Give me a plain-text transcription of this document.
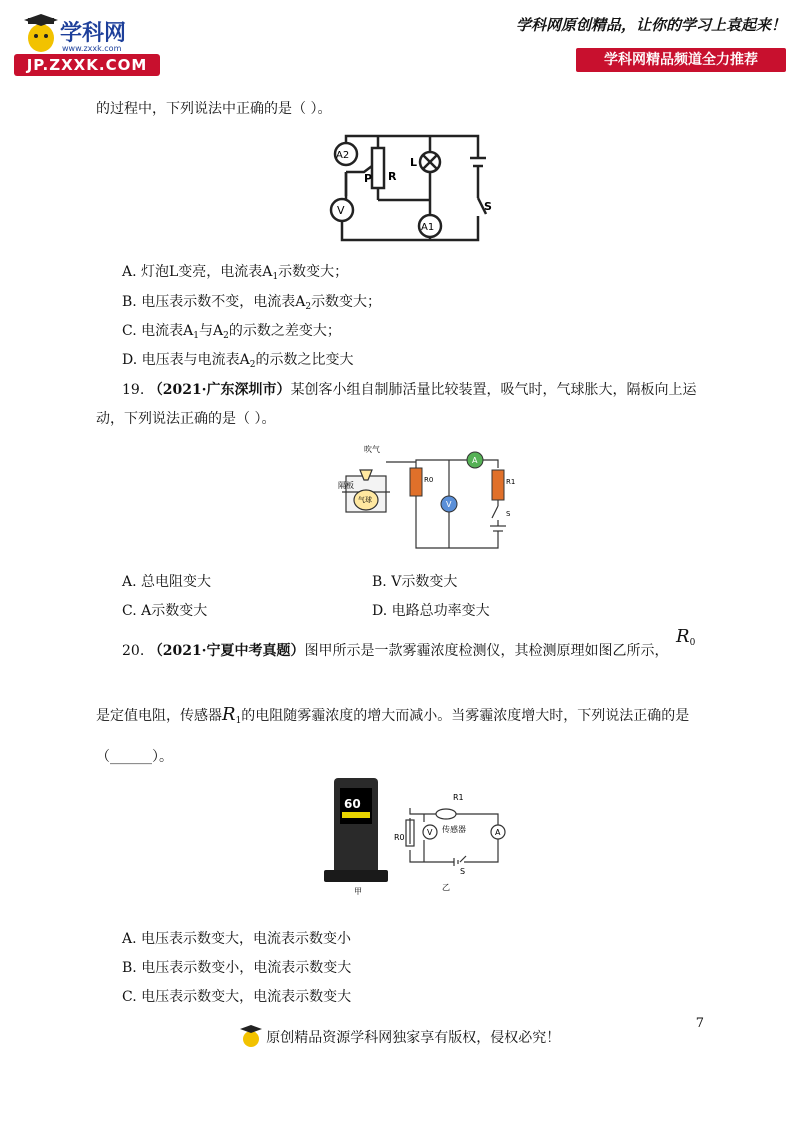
学科网
www.zxxk.com
JP.ZXXK.COM
学科网原创精品，让你的学习上袁起来！
学科网精品频道全力推荐
的过程中，下列说法中正确的是（ ）。
A2
V
P R
L
A1
S
A. 灯泡L变亮，电流表$A_1$示数变大；
B. 电压表示数不变，电流表$A_2$示数变大；
C. 电流表$A_1$与$A_2$的示数之差变大；
D. 电压表与电流表$A_2$的示数之比变大
19. （2021·广东深圳市）某创客小组自制肺活量比较装置，吸气时，气球胀大，隔板向上运
动，下列说法正确的是（ ）。
吹气
隔板
气球
R0
V
A
R1
S
A. 总电阻变大	B. V示数变大
C. A示数变大	D. 电路总功率变大
20. （2021·宁夏中考真题）图甲所示是一款雾霾浓度检测仪，其检测原理如图乙所示，
$R_0$
是定值电阻，传感器$R_1$的电阻随雾霾浓度的增大而减小。当雾霾浓度增大时，下列说法正确的是
（______）。
60
甲
R1
R0
V	A
传感器
S
乙
A. 电压表示数变大，电流表示数变小
B. 电压表示数变小，电流表示数变大
C. 电压表示数变大，电流表示数变大
7
原创精品资源学科网独家享有版权，侵权必究！
